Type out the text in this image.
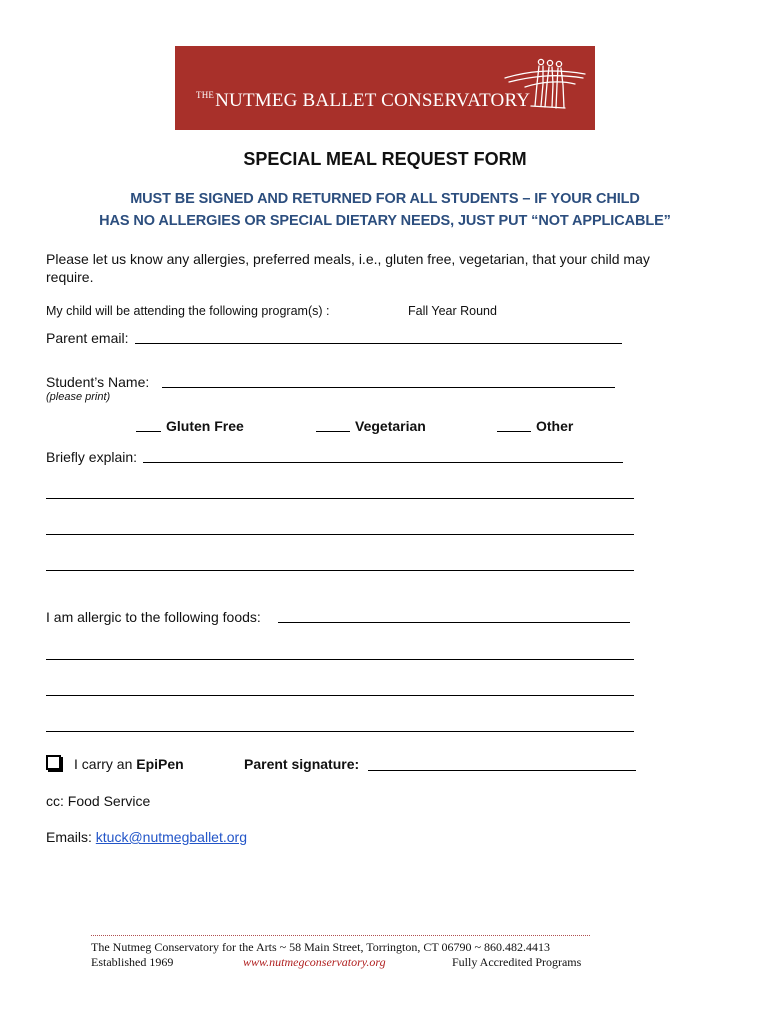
$^{THE}$NUTMEG BALLET CONSERVATORY
SPECIAL MEAL REQUEST FORM
MUST BE SIGNED AND RETURNED FOR ALL STUDENTS – IF YOUR CHILD
HAS NO ALLERGIES OR SPECIAL DIETARY NEEDS, JUST PUT “NOT APPLICABLE”
Please let us know any allergies, preferred meals, i.e., gluten free, vegetarian, that your child may require.
My child will be attending the following program(s) :	Fall Year Round
Parent email:
Student’s Name:
(please print)
Gluten Free	Vegetarian	Other
Briefly explain:
I am allergic to the following foods:
I carry an EpiPen	Parent signature:
cc: Food Service
Emails: ktuck@nutmegballet.org
The Nutmeg Conservatory for the Arts ~ 58 Main Street, Torrington, CT 06790 ~ 860.482.4413
Established 1969	www.nutmegconservatory.org	Fully Accredited Programs
